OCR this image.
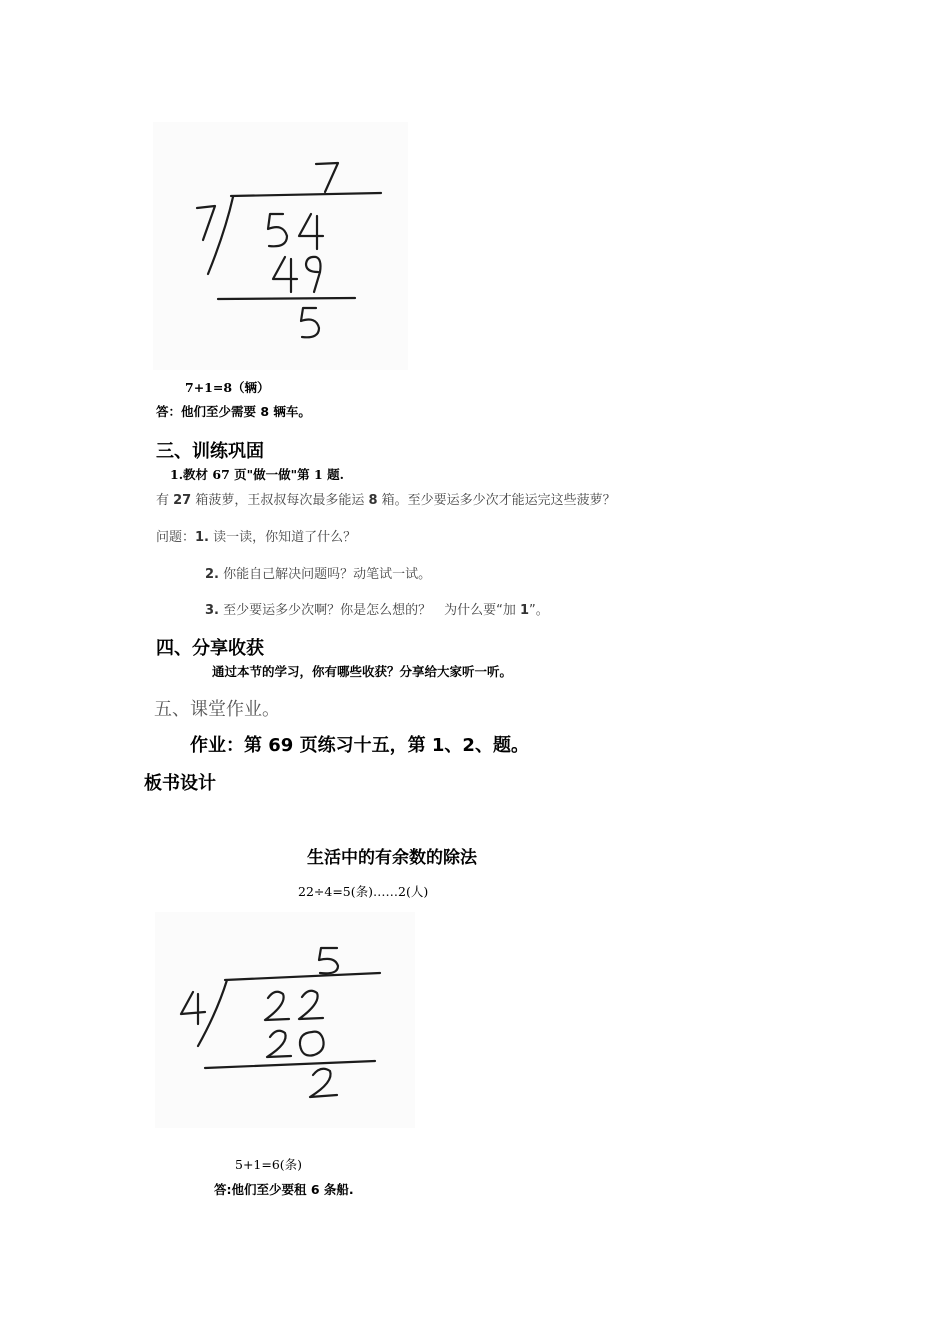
7+1=8（辆）
答：他们至少需要 8 辆车。
三、训练巩固
1.教材 67 页"做一做"第 1 题.
有 27 箱菠萝，王叔叔每次最多能运 8 箱。至少要运多少次才能运完这些菠萝？
问题：1. 读一读，你知道了什么？
2. 你能自己解决问题吗？动笔试一试。
3. 至少要运多少次啊？你是怎么想的？　为什么要“加 1”。
四、分享收获
通过本节的学习，你有哪些收获？分享给大家听一听。
五、课堂作业。
作业：第 69 页练习十五，第 1、2、题。
板书设计
生活中的有余数的除法
22÷4=5(条)……2(人)
5+1=6(条)
答:他们至少要租 6 条船.
